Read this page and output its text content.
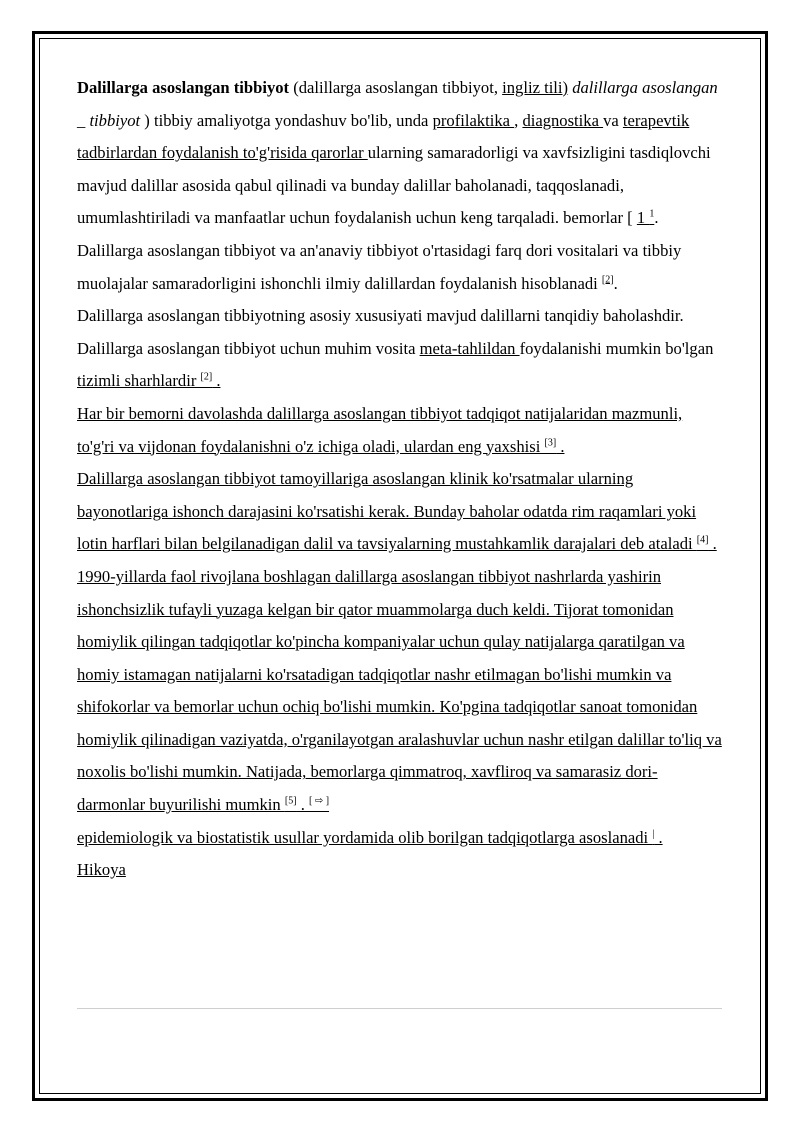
Dalillarga asoslangan tibbiyot (dalillarga asoslangan tibbiyot, ingliz tili) dalillarga asoslangan _ tibbiyot ) tibbiy amaliyotga yondashuv bo'lib, unda profilaktika , diagnostika va terapevtik tadbirlardan foydalanish to'g'risida qarorlar ularning samaradorligi va xavfsizligini tasdiqlovchi mavjud dalillar asosida qabul qilinadi va bunday dalillar baholanadi, taqqoslanadi, umumlashtiriladi va manfaatlar uchun foydalanish uchun keng tarqaladi. bemorlar [ 1 $^1$. Dalillarga asoslangan tibbiyot va an'anaviy tibbiyot o'rtasidagi farq dori vositalari va tibbiy muolajalar samaradorligini ishonchli ilmiy dalillardan foydalanish hisoblanadi [2].

Dalillarga asoslangan tibbiyotning asosiy xususiyati mavjud dalillarni tanqidiy baholashdir. Dalillarga asoslangan tibbiyot uchun muhim vosita meta-tahlildan foydalanishi mumkin bo'lgan tizimli sharhlardir [2] .

Har bir bemorni davolashda dalillarga asoslangan tibbiyot tadqiqot natijalaridan mazmunli, to'g'ri va vijdonan foydalanishni o'z ichiga oladi, ulardan eng yaxshisi [3] .

Dalillarga asoslangan tibbiyot tamoyillariga asoslangan klinik ko'rsatmalar ularning bayonotlariga ishonch darajasini ko'rsatishi kerak. Bunday baholar odatda rim raqamlari yoki lotin harflari bilan belgilanadigan dalil va tavsiyalarning mustahkamlik darajalari deb ataladi [4] .

1990-yillarda faol rivojlana boshlagan dalillarga asoslangan tibbiyot nashrlarda yashirin ishonchsizlik tufayli yuzaga kelgan bir qator muammolarga duch keldi. Tijorat tomonidan homiylik qilingan tadqiqotlar ko'pincha kompaniyalar uchun qulay natijalarga qaratilgan va homiy istamagan natijalarni ko'rsatadigan tadqiqotlar nashr etilmagan bo'lishi mumkin va shifokorlar va bemorlar uchun ochiq bo'lishi mumkin. Ko'pgina tadqiqotlar sanoat tomonidan homiylik qilinadigan vaziyatda, o'rganilayotgan aralashuvlar uchun nashr etilgan dalillar to'liq va noxolis bo'lishi mumkin. Natijada, bemorlarga qimmatroq, xavfliroq va samarasiz dori-darmonlar buyurilishi mumkin [5] . [ ⇨ ]

epidemiologik va biostatistik usullar yordamida olib borilgan tadqiqotlarga asoslanadi | .

Hikoya
